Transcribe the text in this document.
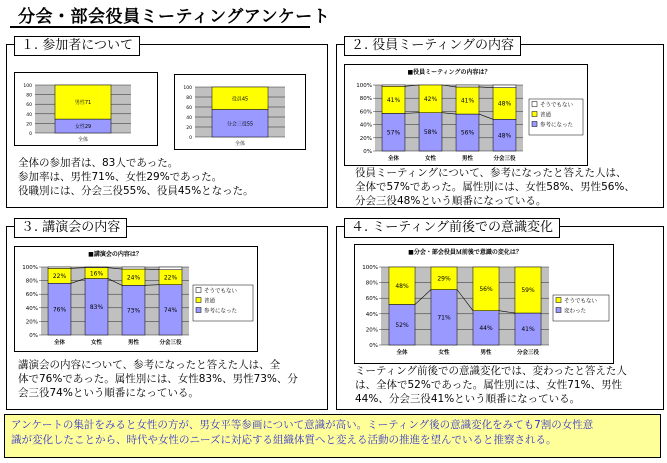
分会・部会役員ミーティングアンケート
１. 参加者について
100
80
60
40
20
0
女性29
男性71
全体
100
80
60
40
20
0
分会三役55
役員45
全体
全体の参加者は、83人であった。
参加率は、男性71%、女性29%であった。
役職別には、分会三役55%、役員45%となった。
２. 役員ミーティングの内容
■役員ミーティングの内容は？
100%
80%
60%
40%
20%
0%
57%
41%
全体
58%
42%
女性
56%
41%
男性
48%
48%
分会三役
そうでもない
普通
参考になった
役員ミーティングについて、参考になったと答えた人は、
全体で57%であった。属性別には、女性58%、男性56%、
分会三役48%という順番になっている。
３. 講演会の内容
■講演会の内容は？
100%
80%
60%
40%
20%
0%
76%
22%
全体
83%
16%
女性
73%
24%
男性
74%
22%
分会三役
そうでもない
普通
参考になった
講演会の内容について、参考になったと答えた人は、全
体で76%であった。属性別には、女性83%、男性73%、分
会三役74%という順番になっている。
４. ミーティング前後での意識変化
■分会・部会役員Ｍ前後で意識の変化は？
100%
80%
60%
40%
20%
0%
52%
48%
全体
71%
29%
女性
44%
56%
男性
41%
59%
分会三役
そうでもない
変わった
ミーティング前後での意識変化では、変わったと答えた人
は、全体で52%であった。属性別には、女性71%、男性
44%、分会三役41%という順番になっている。
アンケートの集計をみると女性の方が、男女平等参画について意識が高い。ミーティング後の意識変化をみても7割の女性意
識が変化したことから、時代や女性のニーズに対応する組織体質へと変える活動の推進を望んでいると推察される。
